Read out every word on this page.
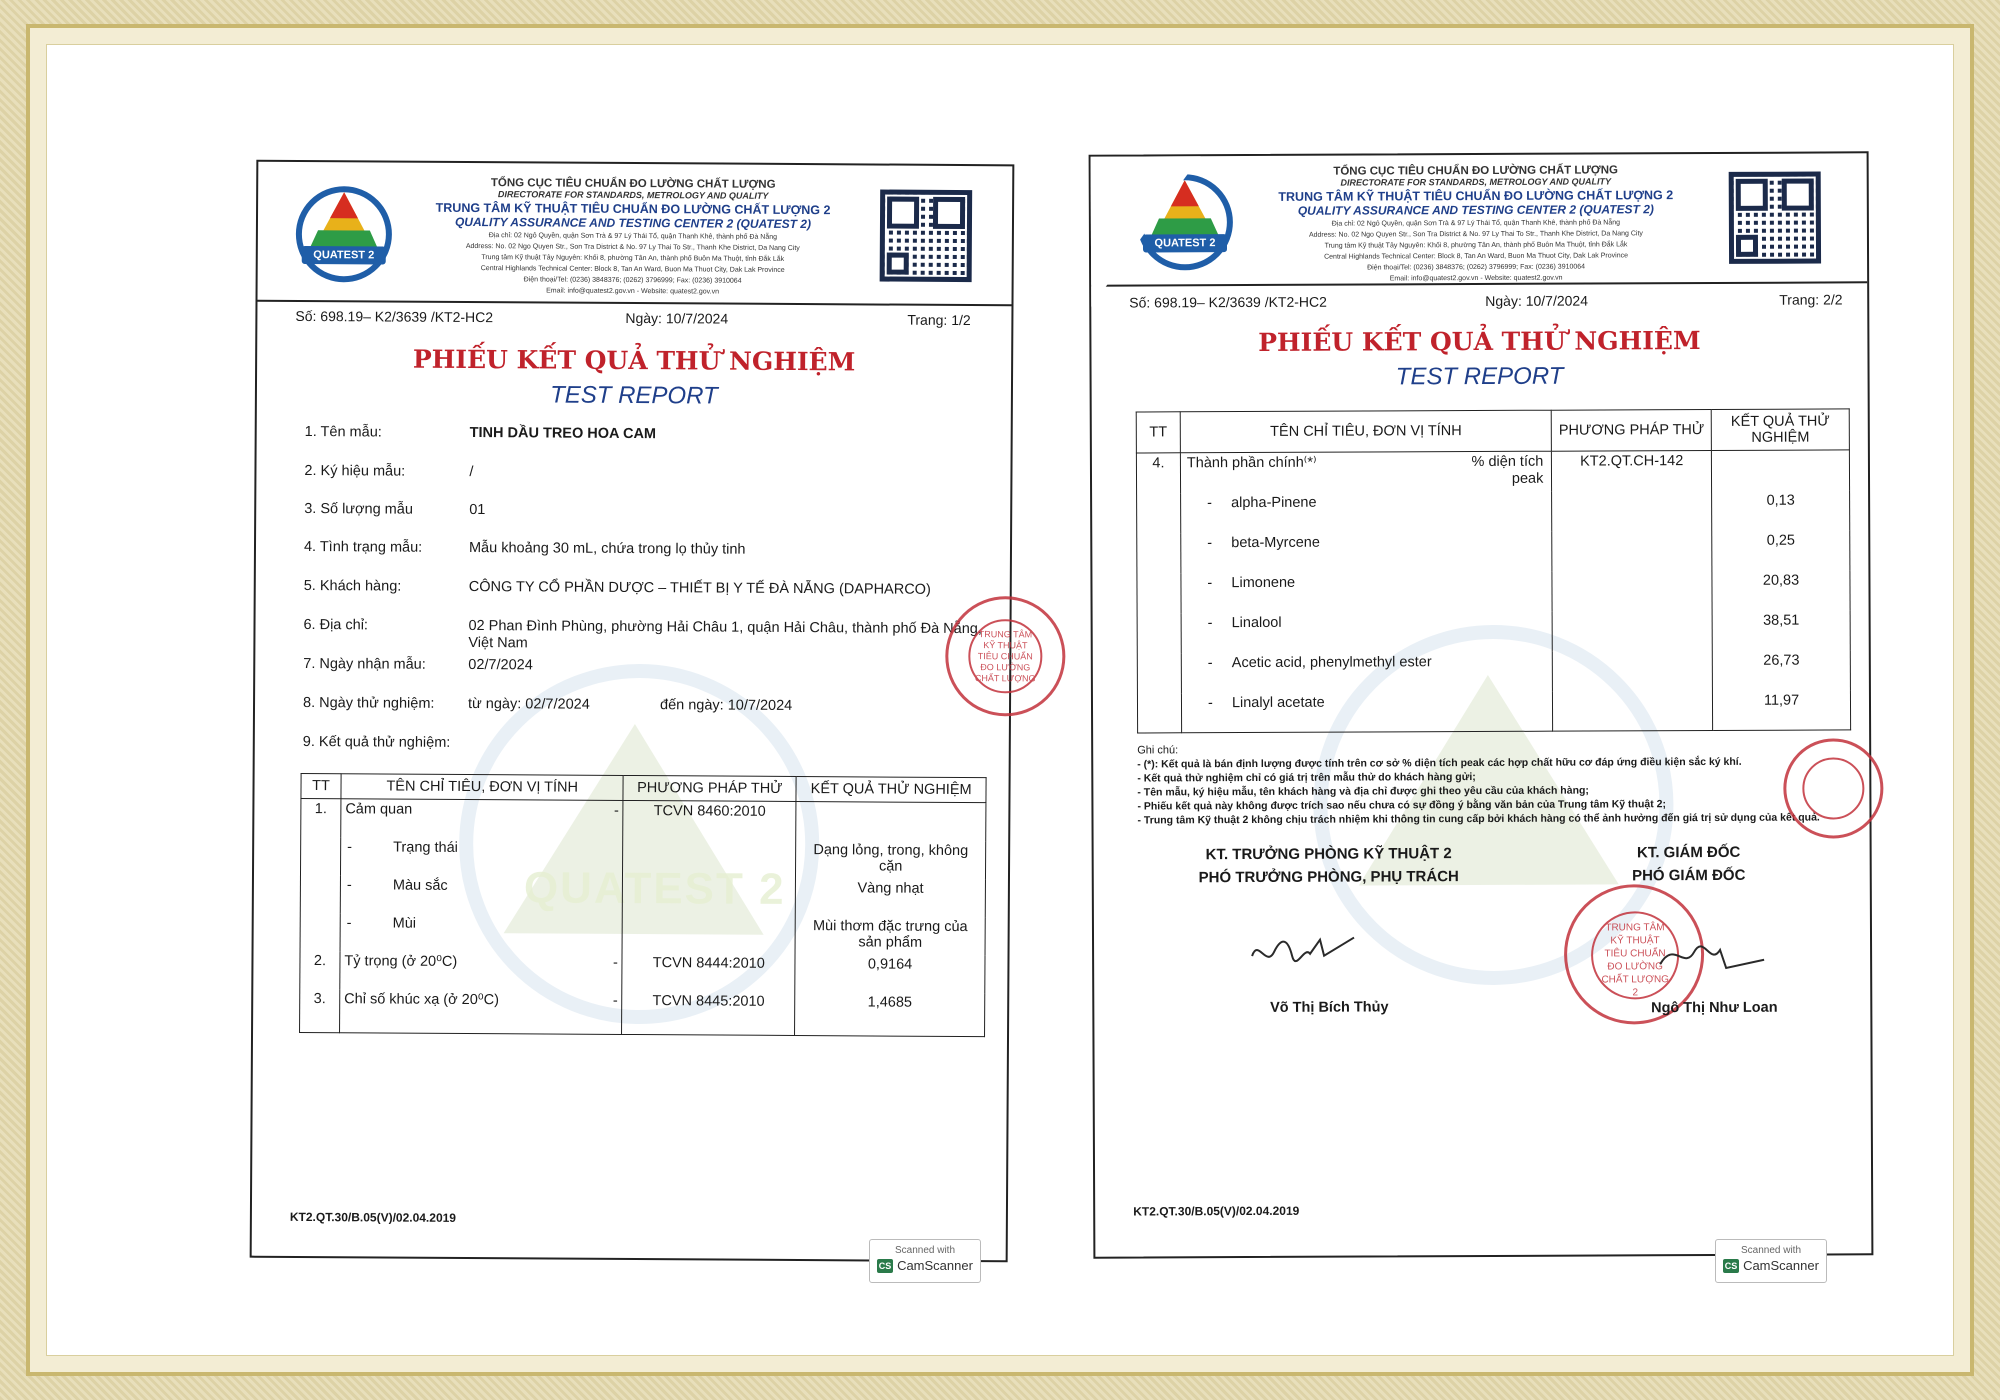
QUATEST 2
QUATEST 2
TỔNG CỤC TIÊU CHUẨN ĐO LƯỜNG CHẤT LƯỢNG
DIRECTORATE FOR STANDARDS, METROLOGY AND QUALITY
TRUNG TÂM KỸ THUẬT TIÊU CHUẨN ĐO LƯỜNG CHẤT LƯỢNG 2
QUALITY ASSURANCE AND TESTING CENTER 2 (QUATEST 2)
Địa chỉ: 02 Ngô Quyền, quận Sơn Trà & 97 Lý Thái Tổ, quận Thanh Khê, thành phố Đà Nẵng
Address: No. 02 Ngo Quyen Str., Son Tra District & No. 97 Ly Thai To Str., Thanh Khe District, Da Nang City
Trung tâm Kỹ thuật Tây Nguyên: Khối 8, phường Tân An, thành phố Buôn Ma Thuột, tỉnh Đắk Lắk
Central Highlands Technical Center: Block 8, Tan An Ward, Buon Ma Thuot City, Dak Lak Province
Điện thoại/Tel: (0236) 3848376; (0262) 3796999; Fax: (0236) 3910064
Email: info@quatest2.gov.vn - Website: quatest2.gov.vn
Số: 698.19– K2/3639 /KT2-HC2	Ngày: 10/7/2024	Trang: 1/2
PHIẾU KẾT QUẢ THỬ NGHIỆM
TEST REPORT
1. Tên mẫu:	TINH DẦU TREO HOA CAM
2. Ký hiệu mẫu:	/
3. Số lượng mẫu	01
4. Tình trạng mẫu:	Mẫu khoảng 30 mL, chứa trong lọ thủy tinh
5. Khách hàng:	CÔNG TY CỔ PHẦN DƯỢC – THIẾT BỊ Y TẾ ĐÀ NẴNG (DAPHARCO)
6. Địa chỉ:	02 Phan Đình Phùng, phường Hải Châu 1, quận Hải Châu, thành phố Đà Nẵng, Việt Nam
7. Ngày nhận mẫu:	02/7/2024
8. Ngày thử nghiệm:	từ ngày: 02/7/2024	đến ngày: 10/7/2024
9. Kết quả thử nghiệm:
TT	TÊN CHỈ TIÊU, ĐƠN VỊ TÍNH	PHƯƠNG PHÁP THỬ	KẾT QUẢ THỬ NGHIỆM
1.	Cảm quan -	TCVN 8460:2010	
	- Trạng thái		Dạng lỏng, trong, không cặn
	- Màu sắc		Vàng nhạt
	- Mùi		Mùi thơm đặc trưng của sản phẩm
2.	Tỷ trọng (ở 20⁰C) -	TCVN 8444:2010	0,9164
3.	Chỉ số khúc xạ (ở 20⁰C) -	TCVN 8445:2010	1,4685
TRUNG TÂM KỸ THUẬT TIÊU CHUẨN ĐO LƯỜNG CHẤT LƯỢNG
KT2.QT.30/B.05(V)/02.04.2019
QUATEST 2
TỔNG CỤC TIÊU CHUẨN ĐO LƯỜNG CHẤT LƯỢNG
DIRECTORATE FOR STANDARDS, METROLOGY AND QUALITY
TRUNG TÂM KỸ THUẬT TIÊU CHUẨN ĐO LƯỜNG CHẤT LƯỢNG 2
QUALITY ASSURANCE AND TESTING CENTER 2 (QUATEST 2)
Địa chỉ: 02 Ngô Quyền, quận Sơn Trà & 97 Lý Thái Tổ, quận Thanh Khê, thành phố Đà Nẵng
Address: No. 02 Ngo Quyen Str., Son Tra District & No. 97 Ly Thai To Str., Thanh Khe District, Da Nang City
Trung tâm Kỹ thuật Tây Nguyên: Khối 8, phường Tân An, thành phố Buôn Ma Thuột, tỉnh Đắk Lắk
Central Highlands Technical Center: Block 8, Tan An Ward, Buon Ma Thuot City, Dak Lak Province
Điện thoại/Tel: (0236) 3848376; (0262) 3796999; Fax: (0236) 3910064
Email: info@quatest2.gov.vn - Website: quatest2.gov.vn
Số: 698.19– K2/3639 /KT2-HC2	Ngày: 10/7/2024	Trang: 2/2
PHIẾU KẾT QUẢ THỬ NGHIỆM
TEST REPORT
TT	TÊN CHỈ TIÊU, ĐƠN VỊ TÍNH	PHƯƠNG PHÁP THỬ	KẾT QUẢ THỬ NGHIỆM
4.	Thành phần chính⁽*⁾ % diện tích peak	KT2.QT.CH-142	

	- alpha-Pinene		0,13

	- beta-Myrcene		0,25

	- Limonene		20,83

	- Linalool		38,51

	- Acetic acid, phenylmethyl ester		26,73

	- Linalyl acetate		11,97
Ghi chú:
- (*): Kết quả là bán định lượng được tính trên cơ sở % diện tích peak các hợp chất hữu cơ đáp ứng điều kiện sắc ký khí.
- Kết quả thử nghiệm chỉ có giá trị trên mẫu thử do khách hàng gửi;
- Tên mẫu, ký hiệu mẫu, tên khách hàng và địa chỉ được ghi theo yêu cầu của khách hàng;
- Phiếu kết quả này không được trích sao nếu chưa có sự đồng ý bằng văn bản của Trung tâm Kỹ thuật 2;
- Trung tâm Kỹ thuật 2 không chịu trách nhiệm khi thông tin cung cấp bởi khách hàng có thể ảnh hưởng đến giá trị sử dụng của kết quả.
KT. TRƯỞNG PHÒNG KỸ THUẬT 2
PHÓ TRƯỞNG PHÒNG, PHỤ TRÁCH
KT. GIÁM ĐỐC
PHÓ GIÁM ĐỐC
TRUNG TÂM KỸ THUẬT TIÊU CHUẨN ĐO LƯỜNG CHẤT LƯỢNG 2
Võ Thị Bích Thủy	Ngô Thị Như Loan
KT2.QT.30/B.05(V)/02.04.2019
Scanned with
CS CamScanner
Scanned with
CS CamScanner
